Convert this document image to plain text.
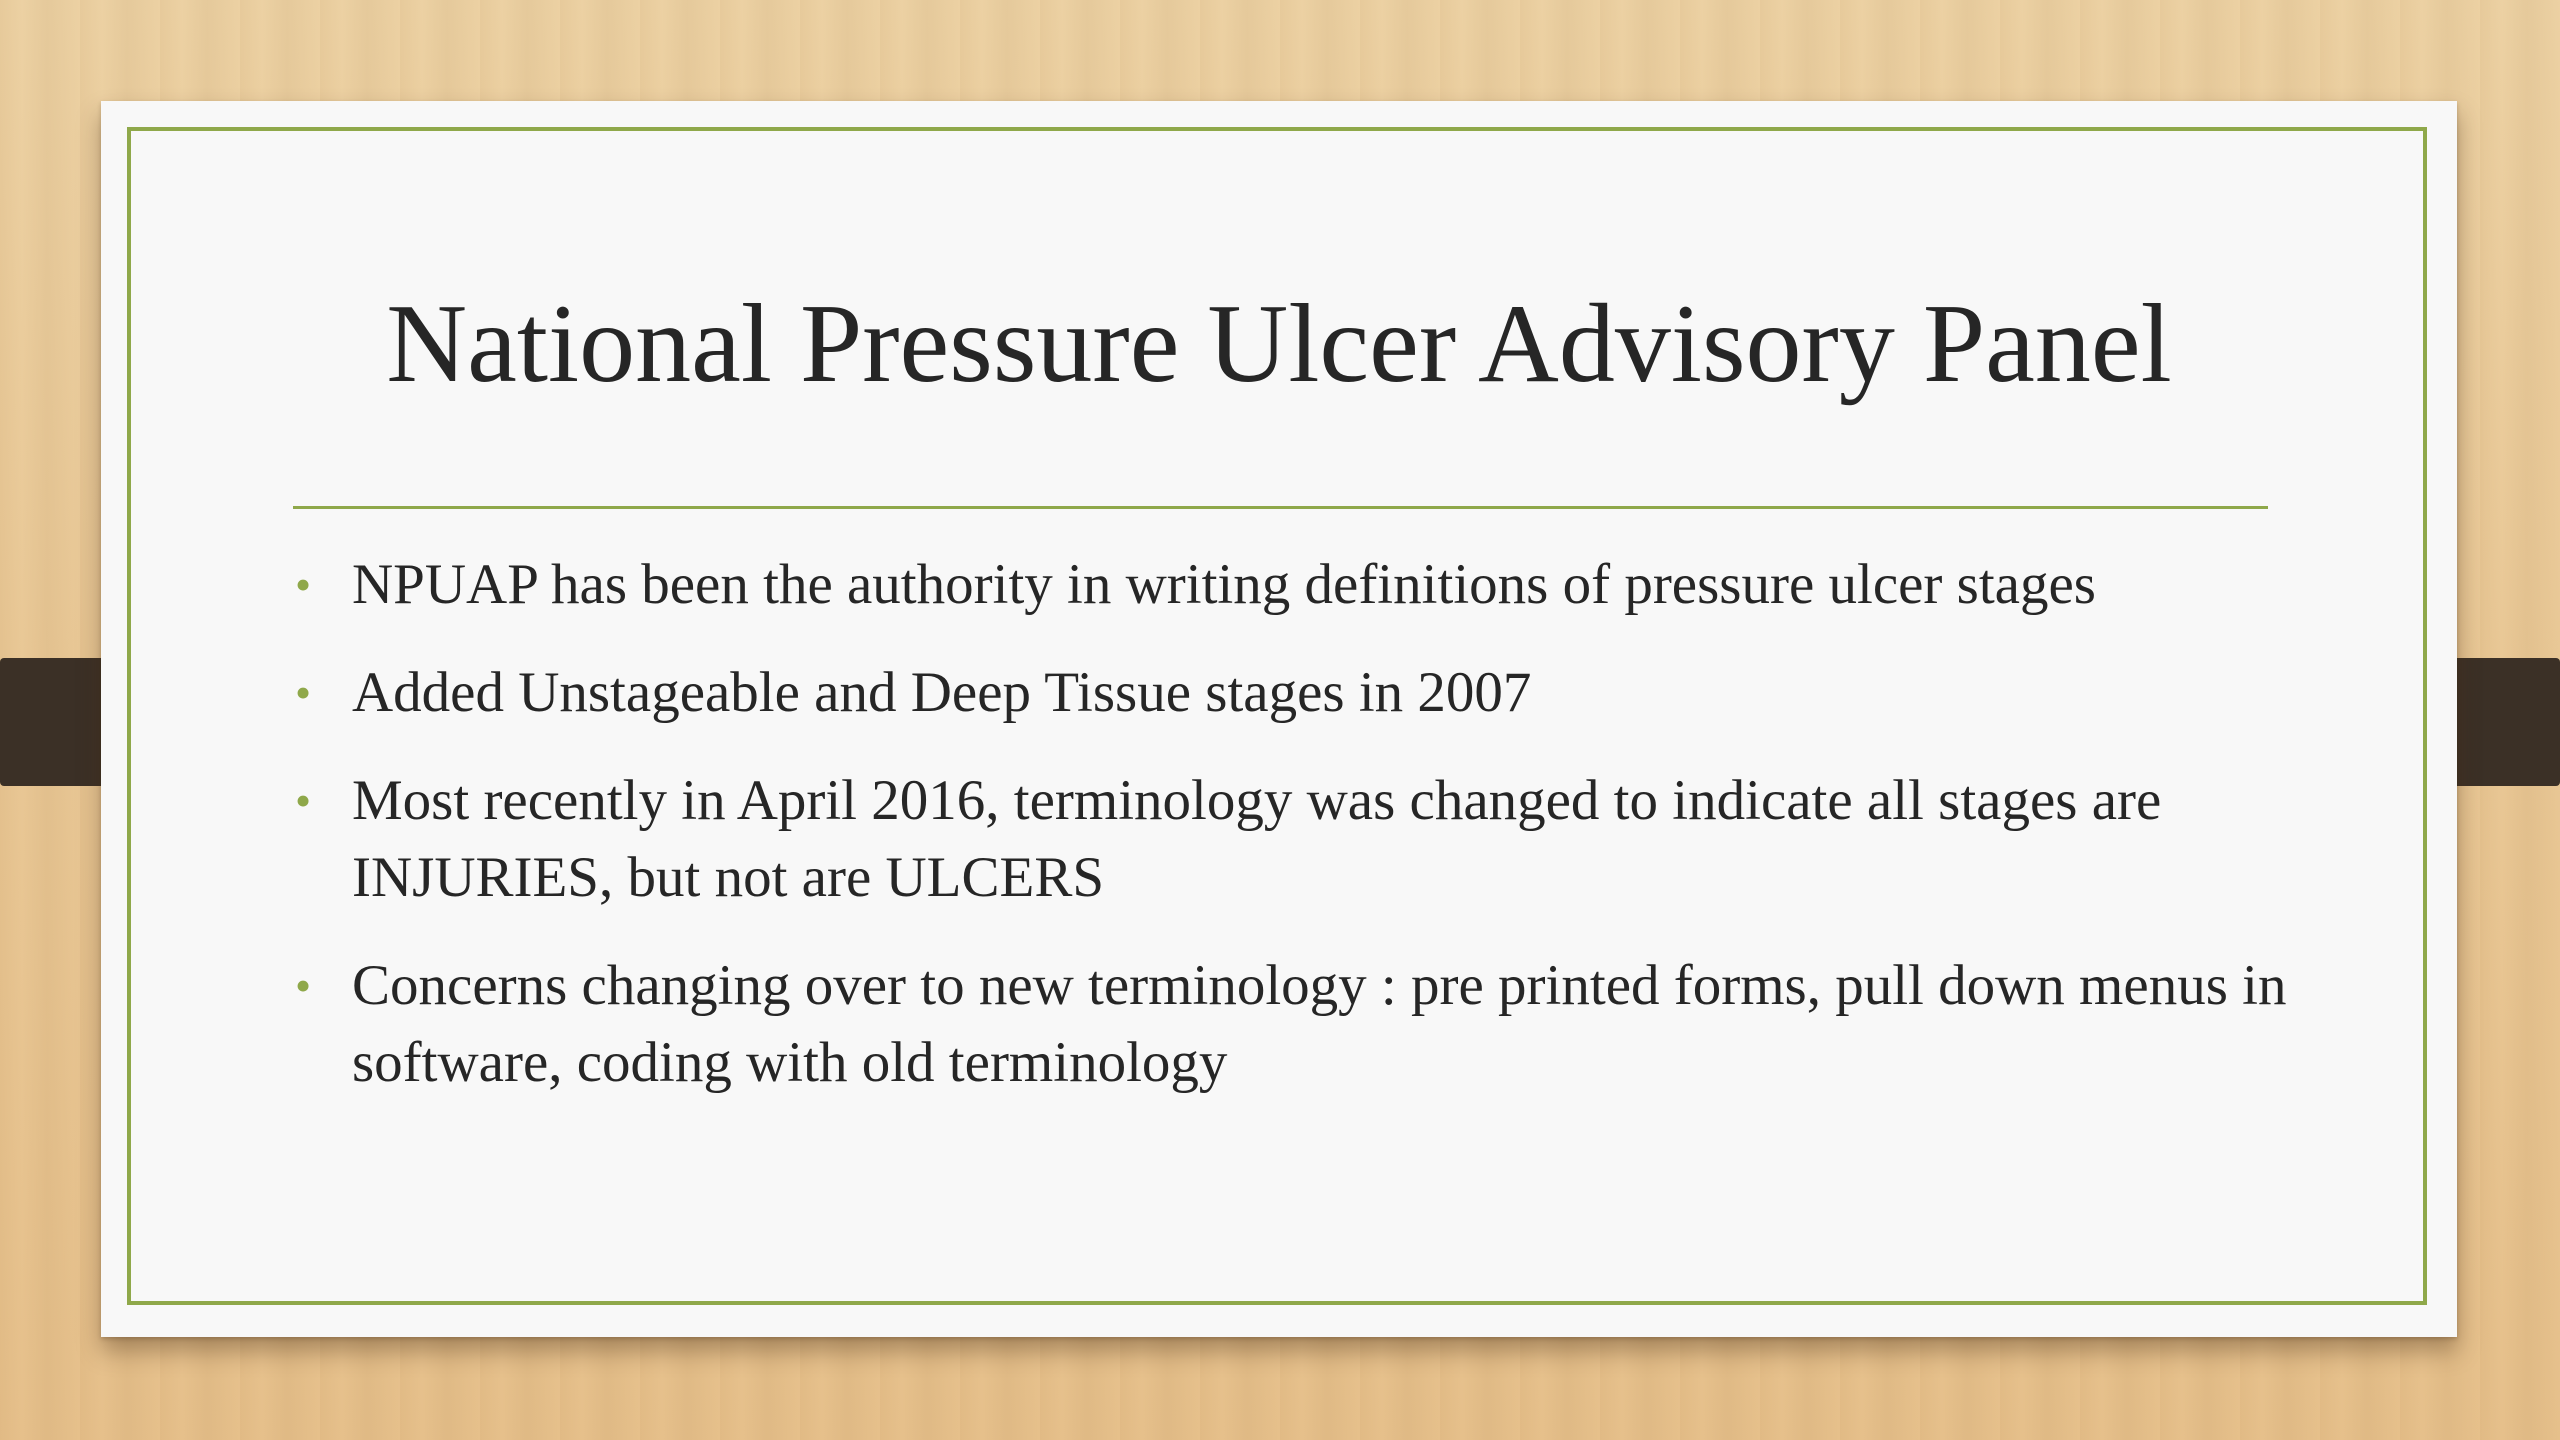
National Pressure Ulcer Advisory Panel
• NPUAP has been the authority in writing definitions of pressure ulcer stages
• Added Unstageable and Deep Tissue stages in 2007
• Most recently in April 2016, terminology was changed to indicate all stages are INJURIES, but not are ULCERS
• Concerns changing over to new terminology : pre printed forms, pull down menus in software, coding with old terminology
